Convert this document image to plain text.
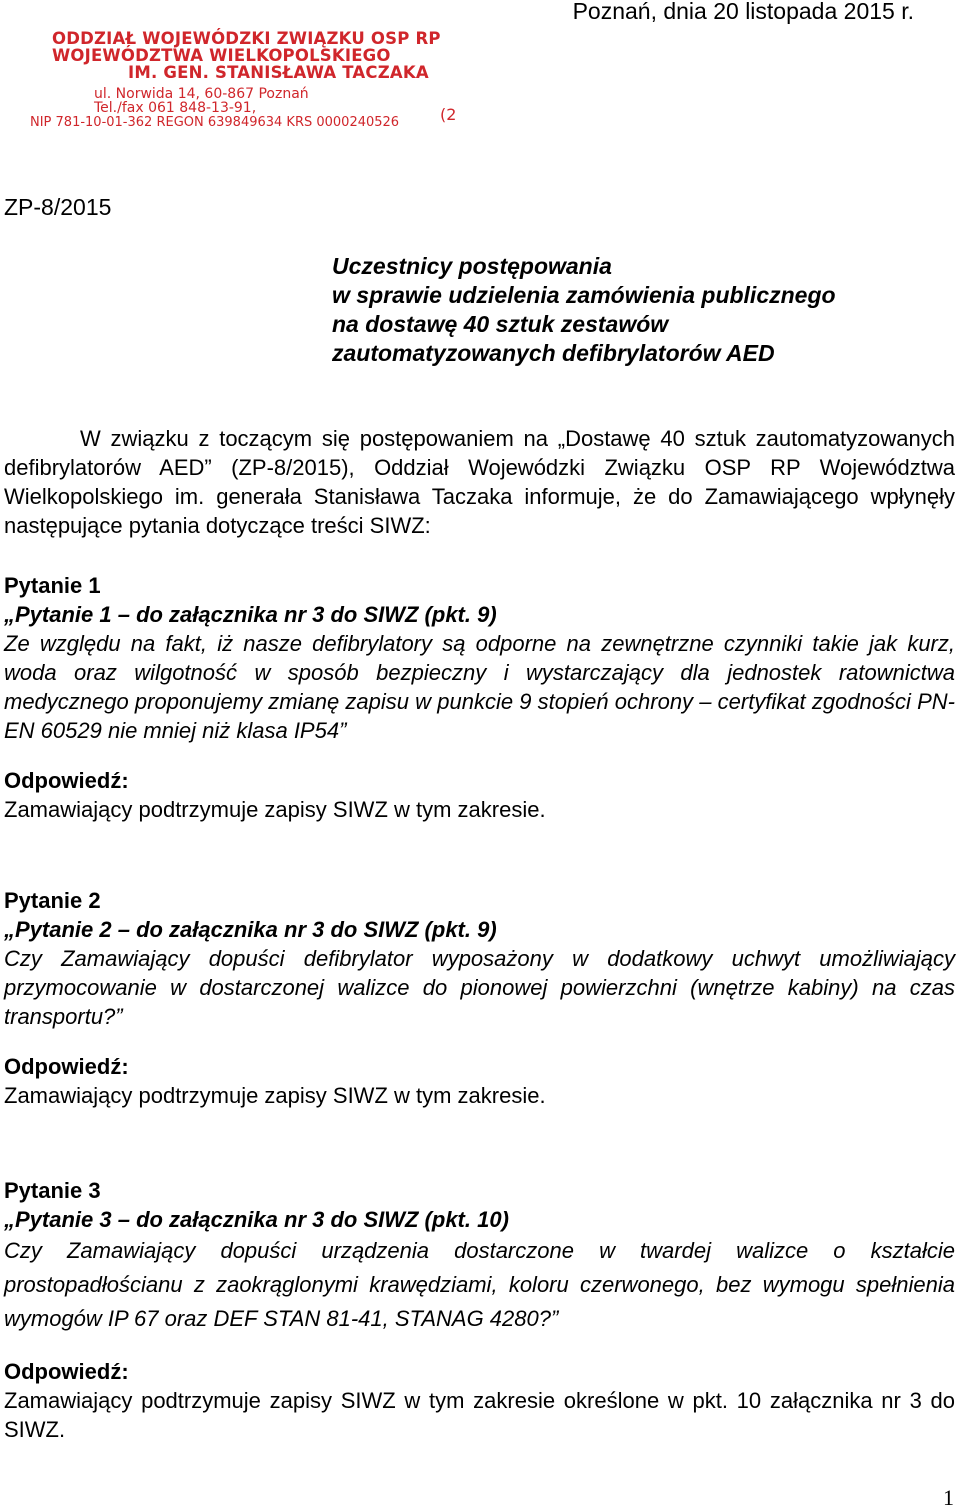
ODDZIAŁ WOJEWÓDZKI ZWIĄZKU OSP RP
WOJEWÓDZTWA WIELKOPOLSKIEGO
IM. GEN. STANISŁAWA TACZAKA
ul. Norwida 14, 60-867 Poznań
Tel./fax 061 848-13-91,
NIP 781-10-01-362 REGON 639849634 KRS 0000240526	(2
Poznań, dnia 20 listopada 2015 r.
ZP-8/2015
Uczestnicy postępowania
w sprawie udzielenia zamówienia publicznego
na dostawę 40 sztuk zestawów
zautomatyzowanych defibrylatorów AED
W związku z toczącym się postępowaniem na „Dostawę 40 sztuk zautomatyzowanych defibrylatorów AED” (ZP-8/2015), Oddział Wojewódzki Związku OSP RP Województwa Wielkopolskiego im. generała Stanisława Taczaka informuje, że do Zamawiającego wpłynęły następujące pytania dotyczące treści SIWZ:
Pytanie 1
„Pytanie 1 – do załącznika nr 3 do SIWZ (pkt. 9)
Ze względu na fakt, iż nasze defibrylatory są odporne na zewnętrzne czynniki takie jak kurz, woda oraz wilgotność w sposób bezpieczny i wystarczający dla jednostek ratownictwa medycznego proponujemy zmianę zapisu w punkcie 9 stopień ochrony – certyfikat zgodności PN-EN 60529 nie mniej niż klasa IP54”
Odpowiedź:
Zamawiający podtrzymuje zapisy SIWZ w tym zakresie.
Pytanie 2
„Pytanie 2 – do załącznika nr 3 do SIWZ (pkt. 9)
Czy Zamawiający dopuści defibrylator wyposażony w dodatkowy uchwyt umożliwiający przymocowanie w dostarczonej walizce do pionowej powierzchni (wnętrze kabiny) na czas transportu?”
Odpowiedź:
Zamawiający podtrzymuje zapisy SIWZ w tym zakresie.
Pytanie 3
„Pytanie 3 – do załącznika nr 3 do SIWZ (pkt. 10)
Czy Zamawiający dopuści urządzenia dostarczone w twardej walizce o kształcie prostopadłościanu z zaokrąglonymi krawędziami, koloru czerwonego, bez wymogu spełnienia wymogów IP 67 oraz DEF STAN 81-41, STANAG 4280?”
Odpowiedź:
Zamawiający podtrzymuje zapisy SIWZ w tym zakresie określone w pkt. 10 załącznika nr 3 do SIWZ.
1
